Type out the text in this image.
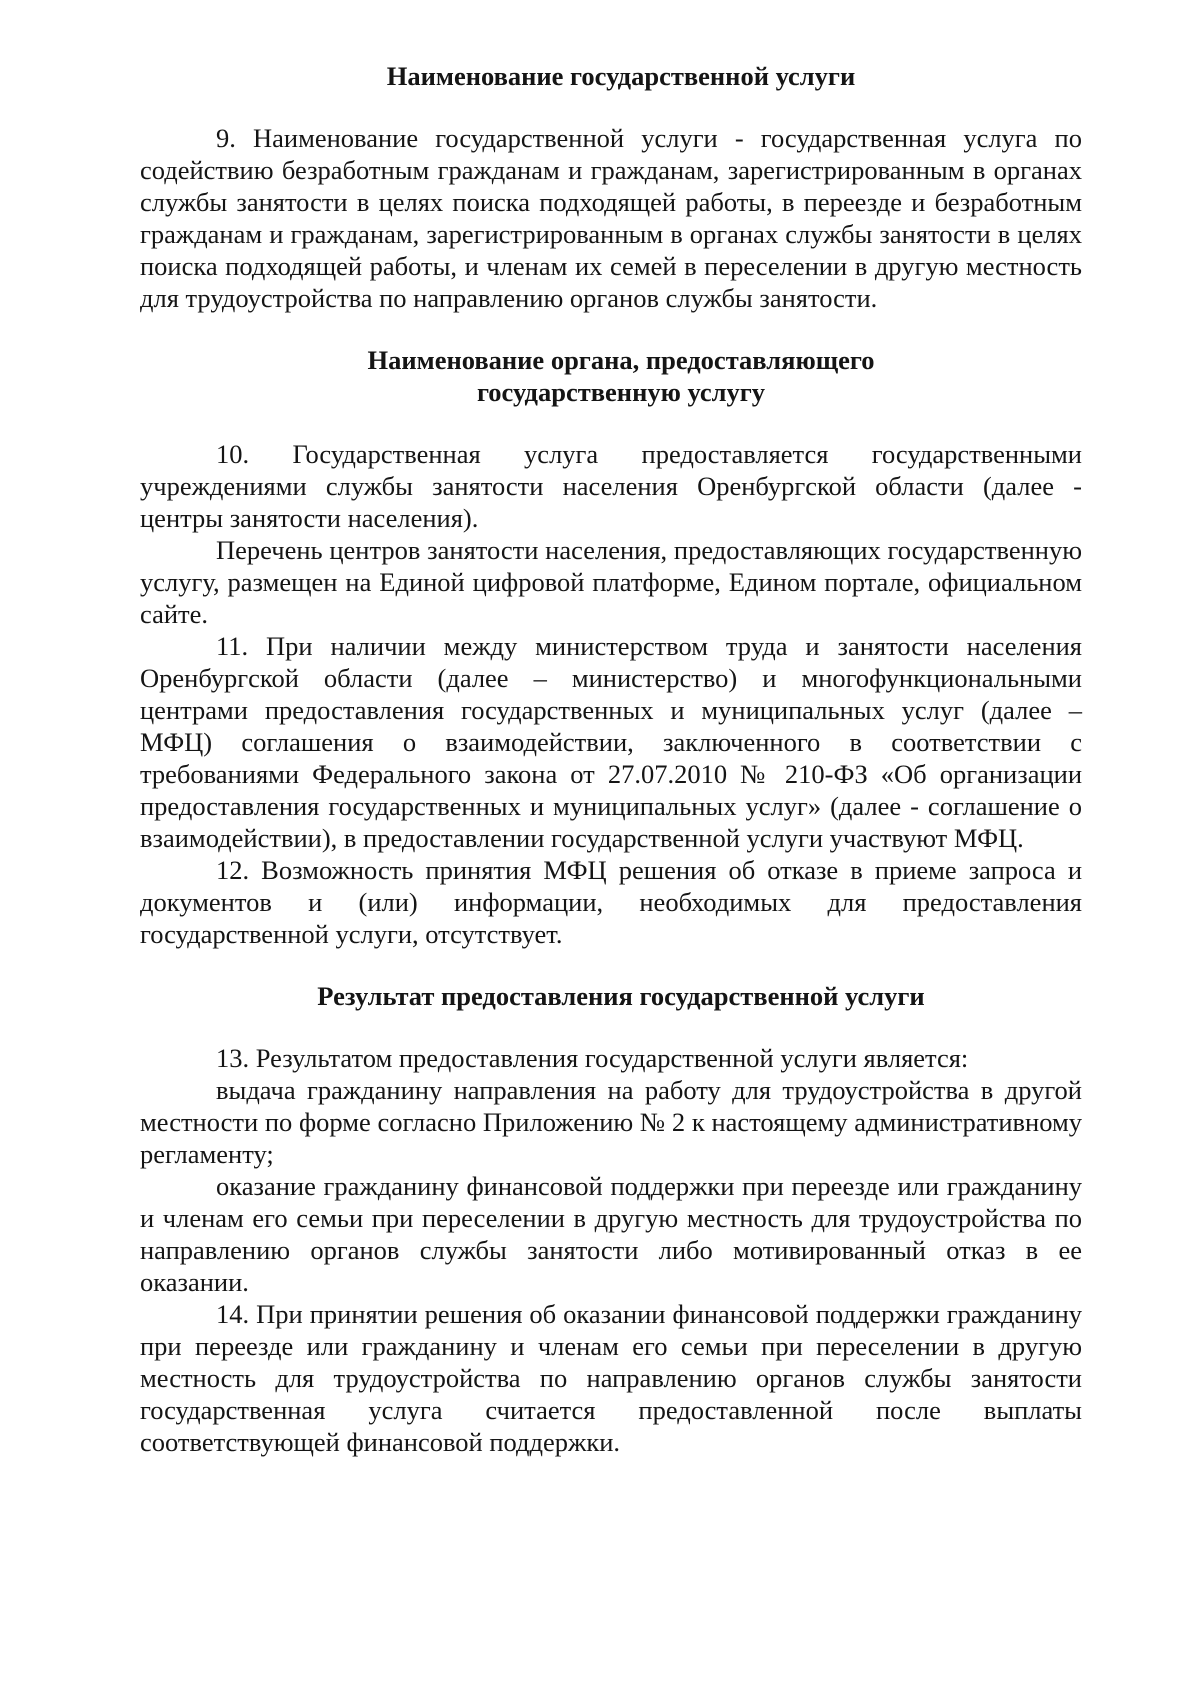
Наименование государственной услуги

9. Наименование государственной услуги - государственная услуга по содействию безработным гражданам и гражданам, зарегистрированным в органах службы занятости в целях поиска подходящей работы, в переезде и безработным гражданам и гражданам, зарегистрированным в органах службы занятости в целях поиска подходящей работы, и членам их семей в переселении в другую местность для трудоустройства по направлению органов службы занятости.

Наименование органа, предоставляющего
государственную услугу

10. Государственная услуга предоставляется государственными учреждениями службы занятости населения Оренбургской области (далее - центры занятости населения).

Перечень центров занятости населения, предоставляющих государственную услугу, размещен на Единой цифровой платформе, Едином портале, официальном сайте.

11. При наличии между министерством труда и занятости населения Оренбургской области (далее – министерство) и многофункциональными центрами предоставления государственных и муниципальных услуг (далее – МФЦ) соглашения о взаимодействии, заключенного в соответствии с требованиями Федерального закона от 27.07.2010 № 210-ФЗ «Об организации предоставления государственных и муниципальных услуг» (далее - соглашение о взаимодействии), в предоставлении государственной услуги участвуют МФЦ.

12. Возможность принятия МФЦ решения об отказе в приеме запроса и документов и (или) информации, необходимых для предоставления государственной услуги, отсутствует.

Результат предоставления государственной услуги

13. Результатом предоставления государственной услуги является:

выдача гражданину направления на работу для трудоустройства в другой местности по форме согласно Приложению № 2 к настоящему административному регламенту;

оказание гражданину финансовой поддержки при переезде или гражданину и членам его семьи при переселении в другую местность для трудоустройства по направлению органов службы занятости либо мотивированный отказ в ее оказании.

14. При принятии решения об оказании финансовой поддержки гражданину при переезде или гражданину и членам его семьи при переселении в другую местность для трудоустройства по направлению органов службы занятости государственная услуга считается предоставленной после выплаты соответствующей финансовой поддержки.
